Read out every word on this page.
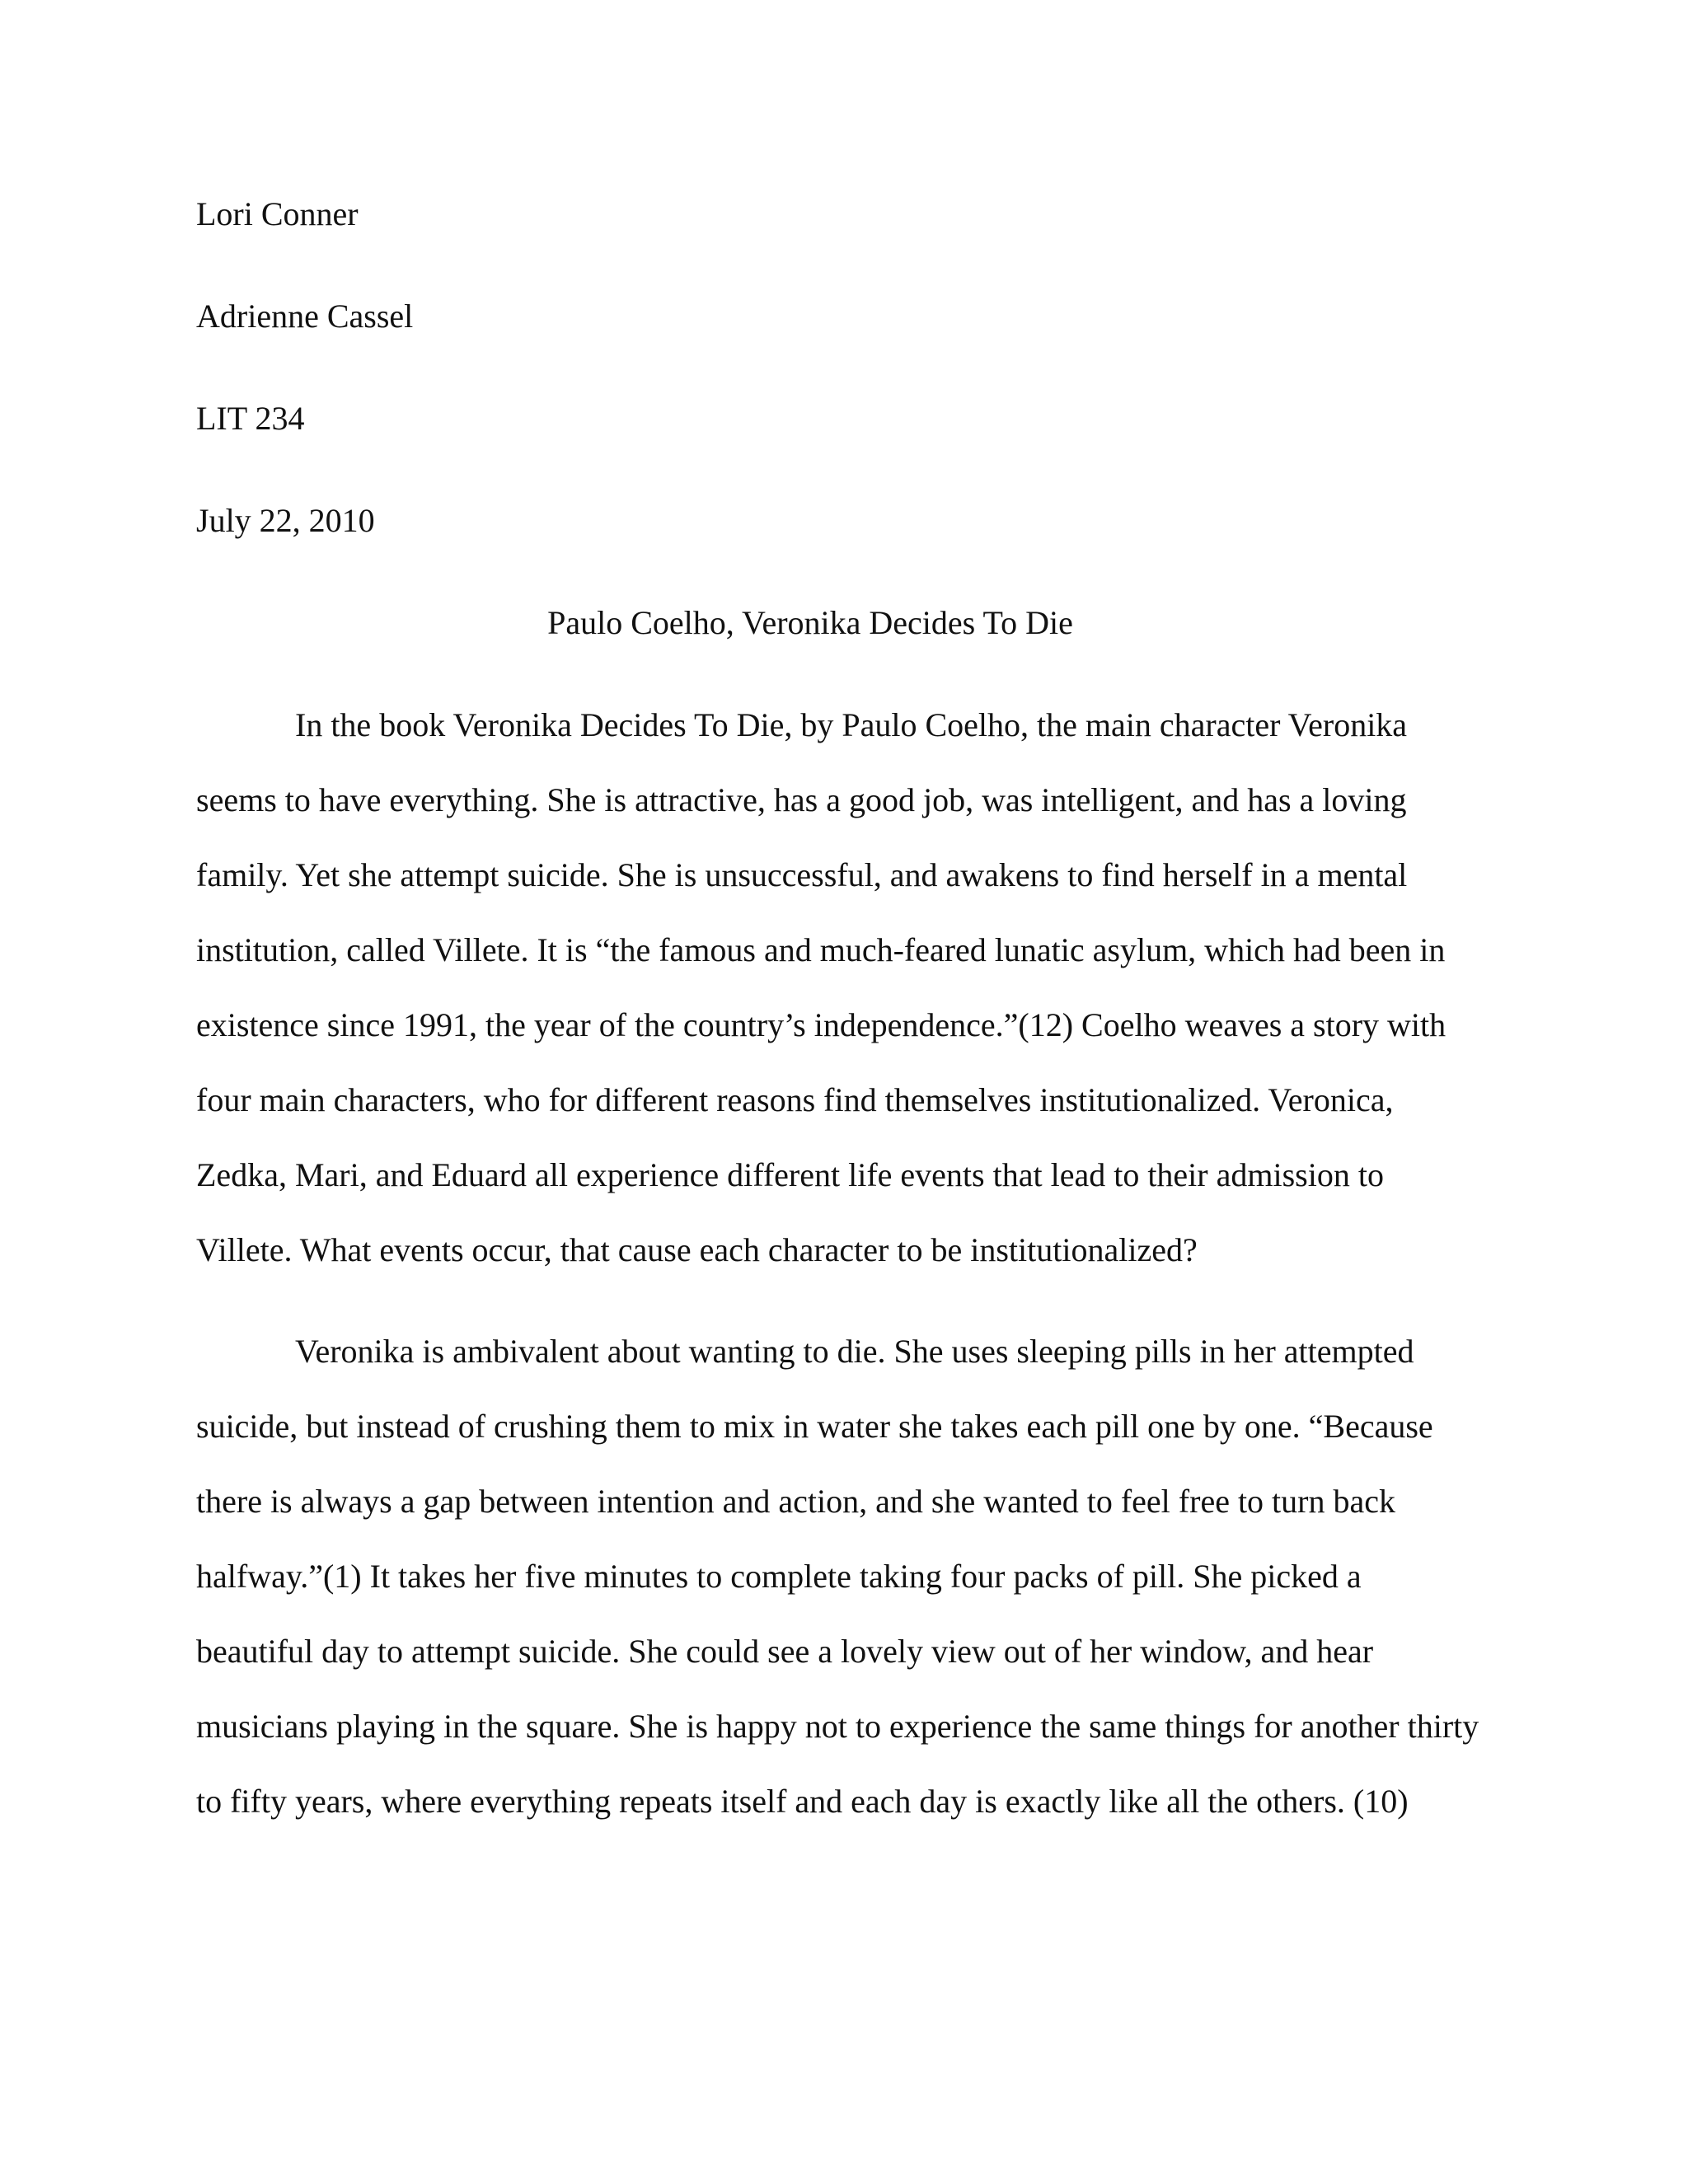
Lori Conner

Adrienne Cassel

LIT 234

July 22, 2010

Paulo Coelho, Veronika Decides To Die

In the book Veronika Decides To Die, by Paulo Coelho, the main character Veronika

seems to have everything. She is attractive, has a good job, was intelligent, and has a loving

family. Yet she attempt suicide. She is unsuccessful, and awakens to find herself in a mental

institution, called Villete. It is “the famous and much-feared lunatic asylum, which had been in

existence since 1991, the year of the country’s independence.”(12) Coelho weaves a story with

four main characters, who for different reasons find themselves institutionalized. Veronica,

Zedka, Mari, and Eduard all experience different life events that lead to their admission to

Villete. What events occur, that cause each character to be institutionalized?

Veronika is ambivalent about wanting to die. She uses sleeping pills in her attempted

suicide, but instead of crushing them to mix in water she takes each pill one by one. “Because

there is always a gap between intention and action, and she wanted to feel free to turn back

halfway.”(1) It takes her five minutes to complete taking four packs of pill. She picked a

beautiful day to attempt suicide. She could see a lovely view out of her window, and hear

musicians playing in the square. She is happy not to experience the same things for another thirty

to fifty years, where everything repeats itself and each day is exactly like all the others. (10)
